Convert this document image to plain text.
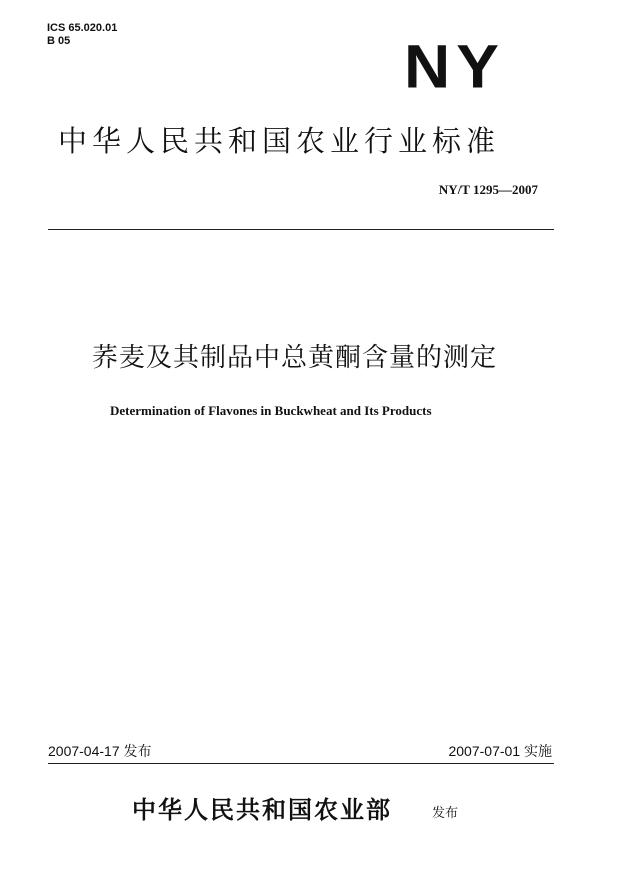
ICS 65.020.01
B 05	NY
中华人民共和国农业行业标准
NY/T 1295—2007
荞麦及其制品中总黄酮含量的测定
Determination of Flavones in Buckwheat and Its Products
2007-04-17 发布	2007-07-01 实施
中华人民共和国农业部	发布
